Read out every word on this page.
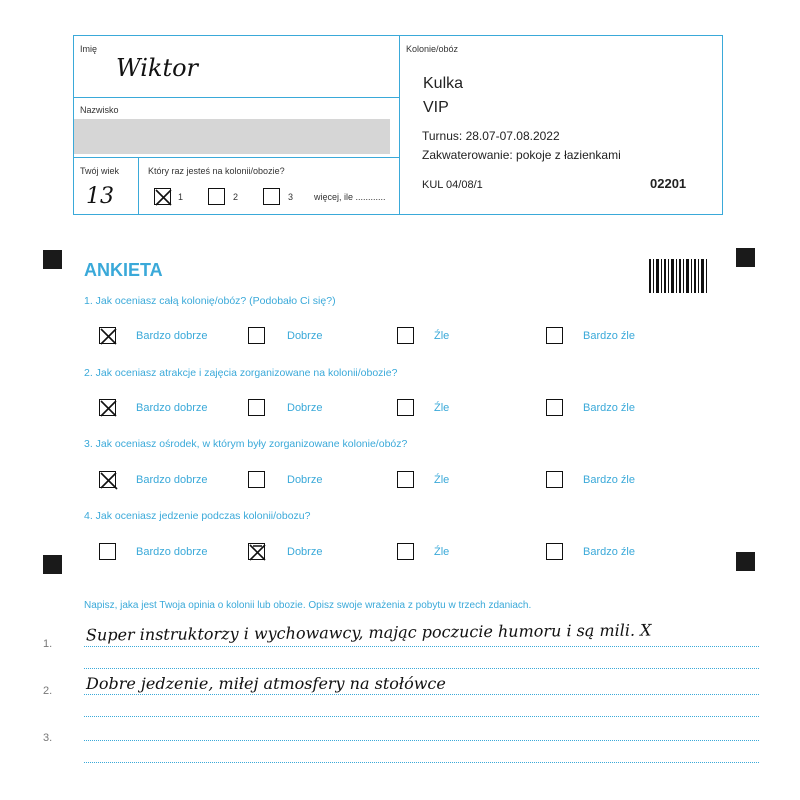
Imię
Wiktor
Nazwisko
Twój wiek
13
Który raz jesteś na kolonii/obozie?
1	2	3 więcej, ile ............
Kolonie/obóz
Kulka
VIP
Turnus: 28.07-07.08.2022
Zakwaterowanie: pokoje z łazienkami
KUL 04/08/1	02201
ANKIETA
1. Jak oceniasz całą kolonię/obóz? (Podobało Ci się?)
2. Jak oceniasz atrakcje i zajęcia zorganizowane na kolonii/obozie?
3. Jak oceniasz ośrodek, w którym były zorganizowane kolonie/obóz?
4. Jak oceniasz jedzenie podczas kolonii/obozu?
Bardzo dobrze	Dobrze	Źle	Bardzo źle
Bardzo dobrze	Dobrze	Źle	Bardzo źle
Bardzo dobrze	Dobrze	Źle	Bardzo źle
Bardzo dobrze	Dobrze	Źle	Bardzo źle
Napisz, jaka jest Twoja opinia o kolonii lub obozie. Opisz swoje wrażenia z pobytu w trzech zdaniach.
1.
2.
3.
Super instruktorzy i wychowawcy, mając poczucie humoru i są mili. X
Dobre jedzenie, miłej atmosfery na stołówce
